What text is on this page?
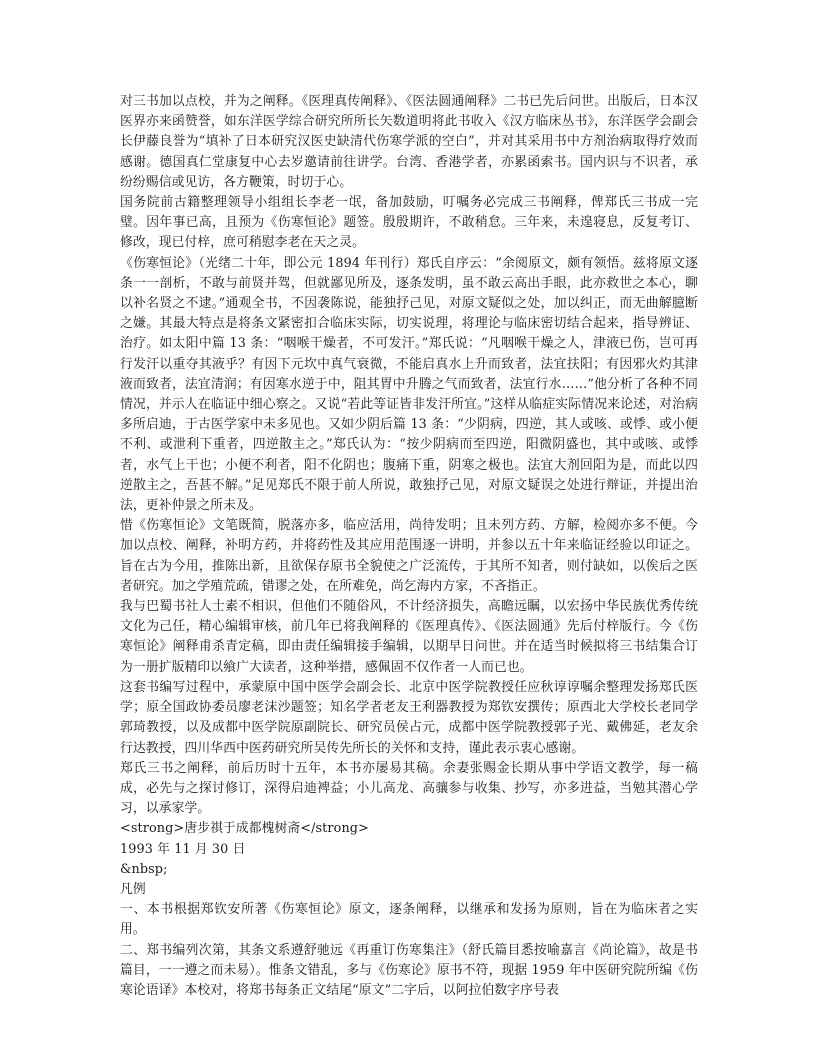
对三书加以点校，并为之阐释。《医理真传阐释》、《医法圆通阐释》二书已先后问世。出版后，日本汉医界亦来函赞誉，如东洋医学综合研究所所长矢数道明将此书收入《汉方临床丛书》，东洋医学会副会长伊藤良誉为“填补了日本研究汉医史缺清代伤寒学派的空白”，并对其采用书中方剂治病取得疗效而感谢。德国真仁堂康复中心去岁邀请前往讲学。台湾、香港学者，亦累函索书。国内识与不识者，承纷纷赐信或见访，各方鞭策，时切于心。

国务院前古籍整理领导小组组长李老一氓，备加鼓励，叮嘱务必完成三书阐释，俾郑氏三书成一完璧。因年事已高，且预为《伤寒恒论》题签。殷殷期许，不敢稍怠。三年来，未遑寝息，反复考订、修改，现已付梓，庶可稍慰李老在天之灵。

《伤寒恒论》（光绪二十年，即公元 1894 年刊行）郑氏自序云：“余阅原文，颇有领悟。兹将原文逐条一一剖析，不敢与前贤并驾，但就鄙见所及，逐条发明，虽不敢云高出手眼，此亦救世之本心，聊以补名贤之不逮。”通观全书，不因袭陈说，能独抒己见，对原文疑似之处，加以纠正，而无曲解臆断之嫌。其最大特点是将条文紧密扣合临床实际，切实说理，将理论与临床密切结合起来，指导辨证、治疗。如太阳中篇 13 条：“咽喉干燥者，不可发汗。”郑氏说：“凡咽喉干燥之人，津液已伤，岂可再行发汗以重夺其液乎？有因下元坎中真气衰微，不能启真水上升而致者，法宜扶阳；有因邪火灼其津液而致者，法宜清润；有因寒水逆于中，阻其胃中升腾之气而致者，法宜行水……”他分析了各种不同情况，并示人在临证中细心察之。又说“若此等证皆非发汗所宜。”这样从临症实际情况来论述，对治病多所启迪，于古医学家中未多见也。又如少阴后篇 13 条：“少阴病，四逆，其人或咳、或悸、或小便不利、或泄利下重者，四逆散主之。”郑氏认为：“按少阴病而至四逆，阳微阴盛也，其中或咳、或悸者，水气上干也；小便不利者，阳不化阴也；腹痛下重，阴寒之极也。法宜大剂回阳为是，而此以四逆散主之，吾甚不解。”足见郑氏不限于前人所说，敢独抒己见，对原文疑误之处进行辩证，并提出治法，更补仲景之所未及。

惜《伤寒恒论》文笔既简，脱落亦多，临应活用，尚待发明；且未列方药、方解，检阅亦多不便。今加以点校、阐释，补明方药，并将药性及其应用范围逐一讲明，并参以五十年来临证经验以印证之。旨在古为今用，推陈出新，且欲保存原书全貌使之广泛流传，于其所不知者，则付缺如，以俟后之医者研究。加之学殖荒疏，错谬之处，在所难免，尚乞海内方家，不吝指正。

我与巴蜀书社人士素不相识，但他们不随俗风，不计经济损失，高瞻远瞩，以宏扬中华民族优秀传统文化为己任，精心编辑审核，前几年已将我阐释的《医理真传》、《医法圆通》先后付梓版行。今《伤寒恒论》阐释甫杀青定稿，即由责任编辑接手编辑，以期早日问世。并在适当时候拟将三书结集合订为一册扩版精印以飨广大读者，这种举措，感佩固不仅作者一人而已也。

这套书编写过程中，承蒙原中国中医学会副会长、北京中医学院教授任应秋谆谆嘱余整理发扬郑氏医学；原全国政协委员廖老沫沙题签；知名学者老友王利器教授为郑钦安撰传；原西北大学校长老同学郭琦教授，以及成都中医学院原副院长、研究员侯占元，成都中医学院教授郭子光、戴佛延，老友余行达教授，四川华西中医药研究所吴传先所长的关怀和支持，谨此表示衷心感谢。

郑氏三书之阐释，前后历时十五年，本书亦屡易其稿。余妻张赐金长期从事中学语文教学，每一稿成，必先与之探讨修订，深得启迪裨益；小儿高龙、高骧参与收集、抄写，亦多进益，当勉其潜心学习，以承家学。

<strong>唐步祺于成都槐树斋</strong>

1993 年 11 月 30 日

&nbsp;

凡例

一、本书根据郑钦安所著《伤寒恒论》原文，逐条阐释，以继承和发扬为原则，旨在为临床者之实用。

二、郑书编列次第，其条文系遵舒驰远《再重订伤寒集注》（舒氏篇目悉按喻嘉言《尚论篇》，故是书篇目，一一遵之而未易）。惟条文错乱，多与《伤寒论》原书不符，现据 1959 年中医研究院所编《伤寒论语译》本校对，将郑书每条正文结尾“原文”二字后，以阿拉伯数字序号表
